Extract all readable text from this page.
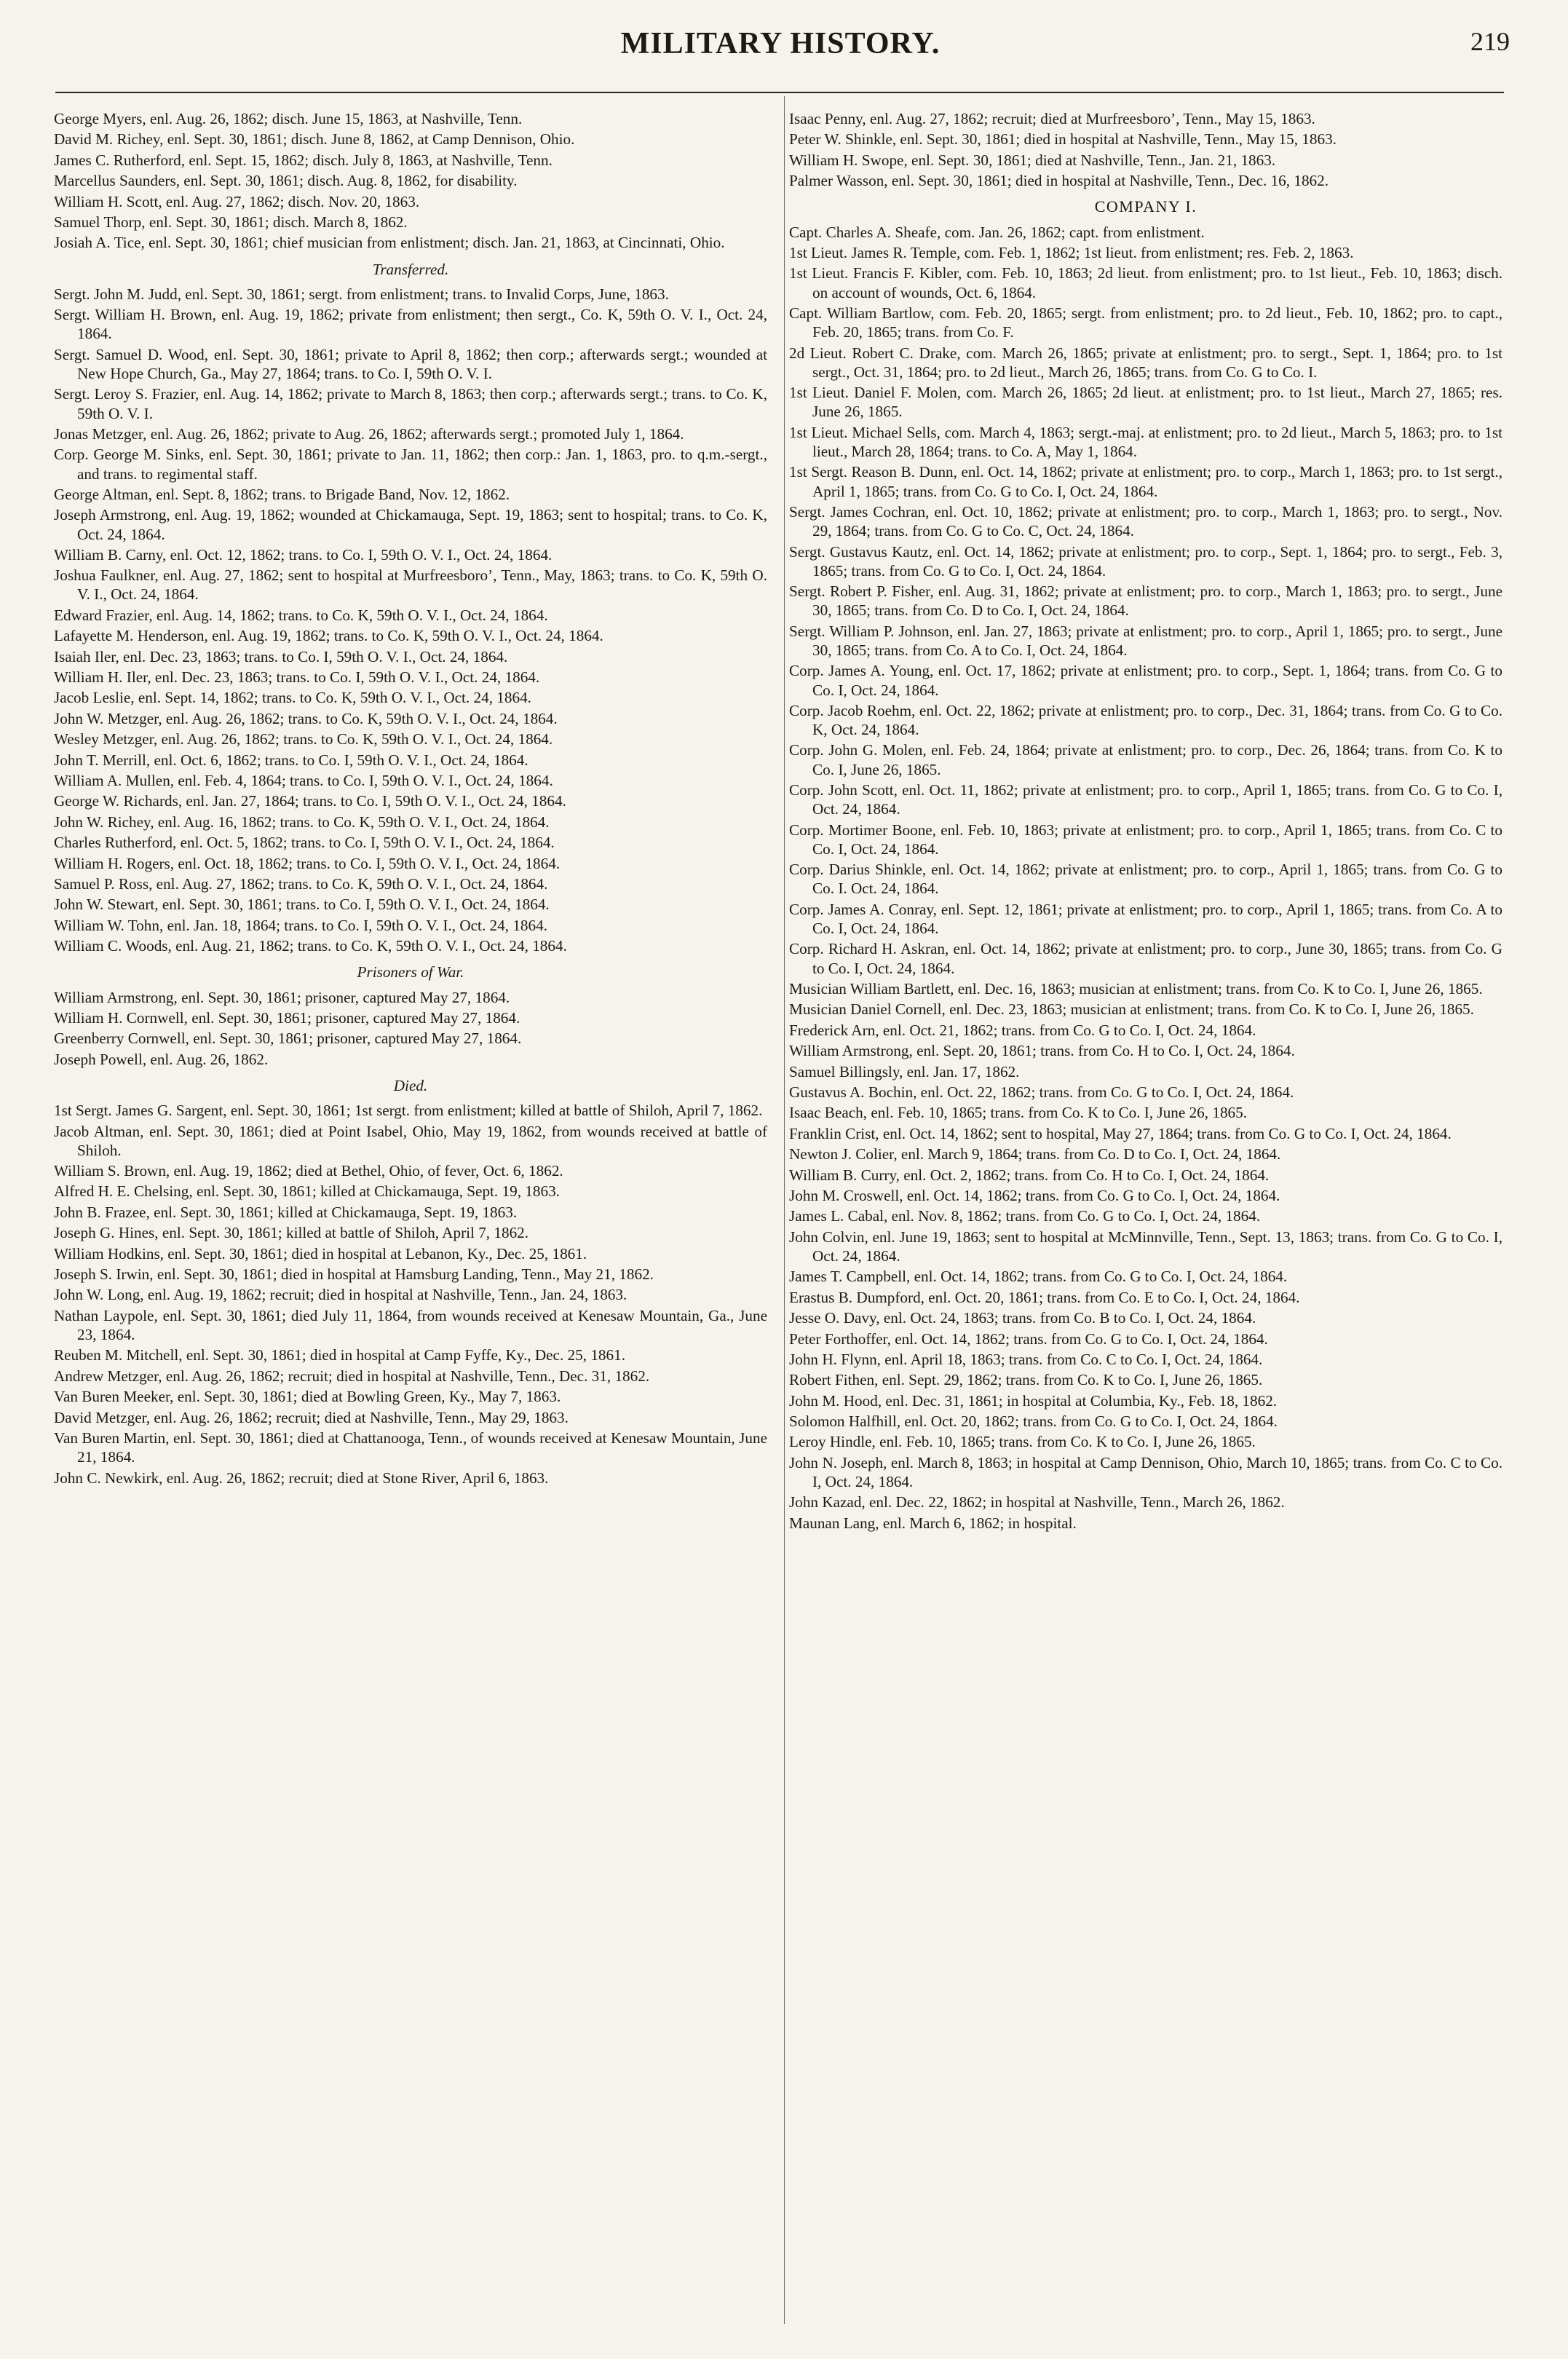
MILITARY HISTORY.	219

George Myers, enl. Aug. 26, 1862; disch. June 15, 1863, at Nashville, Tenn.

David M. Richey, enl. Sept. 30, 1861; disch. June 8, 1862, at Camp Dennison, Ohio.

James C. Rutherford, enl. Sept. 15, 1862; disch. July 8, 1863, at Nashville, Tenn.

Marcellus Saunders, enl. Sept. 30, 1861; disch. Aug. 8, 1862, for disability.

William H. Scott, enl. Aug. 27, 1862; disch. Nov. 20, 1863.

Samuel Thorp, enl. Sept. 30, 1861; disch. March 8, 1862.

Josiah A. Tice, enl. Sept. 30, 1861; chief musician from enlistment; disch. Jan. 21, 1863, at Cincinnati, Ohio.

Transferred.

Sergt. John M. Judd, enl. Sept. 30, 1861; sergt. from enlistment; trans. to Invalid Corps, June, 1863.

Sergt. William H. Brown, enl. Aug. 19, 1862; private from enlistment; then sergt., Co. K, 59th O. V. I., Oct. 24, 1864.

Sergt. Samuel D. Wood, enl. Sept. 30, 1861; private to April 8, 1862; then corp.; afterwards sergt.; wounded at New Hope Church, Ga., May 27, 1864; trans. to Co. I, 59th O. V. I.

Sergt. Leroy S. Frazier, enl. Aug. 14, 1862; private to March 8, 1863; then corp.; afterwards sergt.; trans. to Co. K, 59th O. V. I.

Jonas Metzger, enl. Aug. 26, 1862; private to Aug. 26, 1862; afterwards sergt.; promoted July 1, 1864.

Corp. George M. Sinks, enl. Sept. 30, 1861; private to Jan. 11, 1862; then corp.: Jan. 1, 1863, pro. to q.m.-sergt., and trans. to regimental staff.

George Altman, enl. Sept. 8, 1862; trans. to Brigade Band, Nov. 12, 1862.

Joseph Armstrong, enl. Aug. 19, 1862; wounded at Chickamauga, Sept. 19, 1863; sent to hospital; trans. to Co. K, Oct. 24, 1864.

William B. Carny, enl. Oct. 12, 1862; trans. to Co. I, 59th O. V. I., Oct. 24, 1864.

Joshua Faulkner, enl. Aug. 27, 1862; sent to hospital at Murfreesboro’, Tenn., May, 1863; trans. to Co. K, 59th O. V. I., Oct. 24, 1864.

Edward Frazier, enl. Aug. 14, 1862; trans. to Co. K, 59th O. V. I., Oct. 24, 1864.

Lafayette M. Henderson, enl. Aug. 19, 1862; trans. to Co. K, 59th O. V. I., Oct. 24, 1864.

Isaiah Iler, enl. Dec. 23, 1863; trans. to Co. I, 59th O. V. I., Oct. 24, 1864.

William H. Iler, enl. Dec. 23, 1863; trans. to Co. I, 59th O. V. I., Oct. 24, 1864.

Jacob Leslie, enl. Sept. 14, 1862; trans. to Co. K, 59th O. V. I., Oct. 24, 1864.

John W. Metzger, enl. Aug. 26, 1862; trans. to Co. K, 59th O. V. I., Oct. 24, 1864.

Wesley Metzger, enl. Aug. 26, 1862; trans. to Co. K, 59th O. V. I., Oct. 24, 1864.

John T. Merrill, enl. Oct. 6, 1862; trans. to Co. I, 59th O. V. I., Oct. 24, 1864.

William A. Mullen, enl. Feb. 4, 1864; trans. to Co. I, 59th O. V. I., Oct. 24, 1864.

George W. Richards, enl. Jan. 27, 1864; trans. to Co. I, 59th O. V. I., Oct. 24, 1864.

John W. Richey, enl. Aug. 16, 1862; trans. to Co. K, 59th O. V. I., Oct. 24, 1864.

Charles Rutherford, enl. Oct. 5, 1862; trans. to Co. I, 59th O. V. I., Oct. 24, 1864.

William H. Rogers, enl. Oct. 18, 1862; trans. to Co. I, 59th O. V. I., Oct. 24, 1864.

Samuel P. Ross, enl. Aug. 27, 1862; trans. to Co. K, 59th O. V. I., Oct. 24, 1864.

John W. Stewart, enl. Sept. 30, 1861; trans. to Co. I, 59th O. V. I., Oct. 24, 1864.

William W. Tohn, enl. Jan. 18, 1864; trans. to Co. I, 59th O. V. I., Oct. 24, 1864.

William C. Woods, enl. Aug. 21, 1862; trans. to Co. K, 59th O. V. I., Oct. 24, 1864.

Prisoners of War.

William Armstrong, enl. Sept. 30, 1861; prisoner, captured May 27, 1864.

William H. Cornwell, enl. Sept. 30, 1861; prisoner, captured May 27, 1864.

Greenberry Cornwell, enl. Sept. 30, 1861; prisoner, captured May 27, 1864.

Joseph Powell, enl. Aug. 26, 1862.

Died.

1st Sergt. James G. Sargent, enl. Sept. 30, 1861; 1st sergt. from enlistment; killed at battle of Shiloh, April 7, 1862.

Jacob Altman, enl. Sept. 30, 1861; died at Point Isabel, Ohio, May 19, 1862, from wounds received at battle of Shiloh.

William S. Brown, enl. Aug. 19, 1862; died at Bethel, Ohio, of fever, Oct. 6, 1862.

Alfred H. E. Chelsing, enl. Sept. 30, 1861; killed at Chickamauga, Sept. 19, 1863.

John B. Frazee, enl. Sept. 30, 1861; killed at Chickamauga, Sept. 19, 1863.

Joseph G. Hines, enl. Sept. 30, 1861; killed at battle of Shiloh, April 7, 1862.

William Hodkins, enl. Sept. 30, 1861; died in hospital at Lebanon, Ky., Dec. 25, 1861.

Joseph S. Irwin, enl. Sept. 30, 1861; died in hospital at Hamsburg Landing, Tenn., May 21, 1862.

John W. Long, enl. Aug. 19, 1862; recruit; died in hospital at Nashville, Tenn., Jan. 24, 1863.

Nathan Laypole, enl. Sept. 30, 1861; died July 11, 1864, from wounds received at Kenesaw Mountain, Ga., June 23, 1864.

Reuben M. Mitchell, enl. Sept. 30, 1861; died in hospital at Camp Fyffe, Ky., Dec. 25, 1861.

Andrew Metzger, enl. Aug. 26, 1862; recruit; died in hospital at Nashville, Tenn., Dec. 31, 1862.

Van Buren Meeker, enl. Sept. 30, 1861; died at Bowling Green, Ky., May 7, 1863.

David Metzger, enl. Aug. 26, 1862; recruit; died at Nashville, Tenn., May 29, 1863.

Van Buren Martin, enl. Sept. 30, 1861; died at Chattanooga, Tenn., of wounds received at Kenesaw Mountain, June 21, 1864.

John C. Newkirk, enl. Aug. 26, 1862; recruit; died at Stone River, April 6, 1863.

Isaac Penny, enl. Aug. 27, 1862; recruit; died at Murfreesboro’, Tenn., May 15, 1863.

Peter W. Shinkle, enl. Sept. 30, 1861; died in hospital at Nashville, Tenn., May 15, 1863.

William H. Swope, enl. Sept. 30, 1861; died at Nashville, Tenn., Jan. 21, 1863.

Palmer Wasson, enl. Sept. 30, 1861; died in hospital at Nashville, Tenn., Dec. 16, 1862.

COMPANY I.

Capt. Charles A. Sheafe, com. Jan. 26, 1862; capt. from enlistment.

1st Lieut. James R. Temple, com. Feb. 1, 1862; 1st lieut. from enlistment; res. Feb. 2, 1863.

1st Lieut. Francis F. Kibler, com. Feb. 10, 1863; 2d lieut. from enlistment; pro. to 1st lieut., Feb. 10, 1863; disch. on account of wounds, Oct. 6, 1864.

Capt. William Bartlow, com. Feb. 20, 1865; sergt. from enlistment; pro. to 2d lieut., Feb. 10, 1862; pro. to capt., Feb. 20, 1865; trans. from Co. F.

2d Lieut. Robert C. Drake, com. March 26, 1865; private at enlistment; pro. to sergt., Sept. 1, 1864; pro. to 1st sergt., Oct. 31, 1864; pro. to 2d lieut., March 26, 1865; trans. from Co. G to Co. I.

1st Lieut. Daniel F. Molen, com. March 26, 1865; 2d lieut. at enlistment; pro. to 1st lieut., March 27, 1865; res. June 26, 1865.

1st Lieut. Michael Sells, com. March 4, 1863; sergt.-maj. at enlistment; pro. to 2d lieut., March 5, 1863; pro. to 1st lieut., March 28, 1864; trans. to Co. A, May 1, 1864.

1st Sergt. Reason B. Dunn, enl. Oct. 14, 1862; private at enlistment; pro. to corp., March 1, 1863; pro. to 1st sergt., April 1, 1865; trans. from Co. G to Co. I, Oct. 24, 1864.

Sergt. James Cochran, enl. Oct. 10, 1862; private at enlistment; pro. to corp., March 1, 1863; pro. to sergt., Nov. 29, 1864; trans. from Co. G to Co. C, Oct. 24, 1864.

Sergt. Gustavus Kautz, enl. Oct. 14, 1862; private at enlistment; pro. to corp., Sept. 1, 1864; pro. to sergt., Feb. 3, 1865; trans. from Co. G to Co. I, Oct. 24, 1864.

Sergt. Robert P. Fisher, enl. Aug. 31, 1862; private at enlistment; pro. to corp., March 1, 1863; pro. to sergt., June 30, 1865; trans. from Co. D to Co. I, Oct. 24, 1864.

Sergt. William P. Johnson, enl. Jan. 27, 1863; private at enlistment; pro. to corp., April 1, 1865; pro. to sergt., June 30, 1865; trans. from Co. A to Co. I, Oct. 24, 1864.

Corp. James A. Young, enl. Oct. 17, 1862; private at enlistment; pro. to corp., Sept. 1, 1864; trans. from Co. G to Co. I, Oct. 24, 1864.

Corp. Jacob Roehm, enl. Oct. 22, 1862; private at enlistment; pro. to corp., Dec. 31, 1864; trans. from Co. G to Co. K, Oct. 24, 1864.

Corp. John G. Molen, enl. Feb. 24, 1864; private at enlistment; pro. to corp., Dec. 26, 1864; trans. from Co. K to Co. I, June 26, 1865.

Corp. John Scott, enl. Oct. 11, 1862; private at enlistment; pro. to corp., April 1, 1865; trans. from Co. G to Co. I, Oct. 24, 1864.

Corp. Mortimer Boone, enl. Feb. 10, 1863; private at enlistment; pro. to corp., April 1, 1865; trans. from Co. C to Co. I, Oct. 24, 1864.

Corp. Darius Shinkle, enl. Oct. 14, 1862; private at enlistment; pro. to corp., April 1, 1865; trans. from Co. G to Co. I. Oct. 24, 1864.

Corp. James A. Conray, enl. Sept. 12, 1861; private at enlistment; pro. to corp., April 1, 1865; trans. from Co. A to Co. I, Oct. 24, 1864.

Corp. Richard H. Askran, enl. Oct. 14, 1862; private at enlistment; pro. to corp., June 30, 1865; trans. from Co. G to Co. I, Oct. 24, 1864.

Musician William Bartlett, enl. Dec. 16, 1863; musician at enlistment; trans. from Co. K to Co. I, June 26, 1865.

Musician Daniel Cornell, enl. Dec. 23, 1863; musician at enlistment; trans. from Co. K to Co. I, June 26, 1865.

Frederick Arn, enl. Oct. 21, 1862; trans. from Co. G to Co. I, Oct. 24, 1864.

William Armstrong, enl. Sept. 20, 1861; trans. from Co. H to Co. I, Oct. 24, 1864.

Samuel Billingsly, enl. Jan. 17, 1862.

Gustavus A. Bochin, enl. Oct. 22, 1862; trans. from Co. G to Co. I, Oct. 24, 1864.

Isaac Beach, enl. Feb. 10, 1865; trans. from Co. K to Co. I, June 26, 1865.

Franklin Crist, enl. Oct. 14, 1862; sent to hospital, May 27, 1864; trans. from Co. G to Co. I, Oct. 24, 1864.

Newton J. Colier, enl. March 9, 1864; trans. from Co. D to Co. I, Oct. 24, 1864.

William B. Curry, enl. Oct. 2, 1862; trans. from Co. H to Co. I, Oct. 24, 1864.

John M. Croswell, enl. Oct. 14, 1862; trans. from Co. G to Co. I, Oct. 24, 1864.

James L. Cabal, enl. Nov. 8, 1862; trans. from Co. G to Co. I, Oct. 24, 1864.

John Colvin, enl. June 19, 1863; sent to hospital at McMinnville, Tenn., Sept. 13, 1863; trans. from Co. G to Co. I, Oct. 24, 1864.

James T. Campbell, enl. Oct. 14, 1862; trans. from Co. G to Co. I, Oct. 24, 1864.

Erastus B. Dumpford, enl. Oct. 20, 1861; trans. from Co. E to Co. I, Oct. 24, 1864.

Jesse O. Davy, enl. Oct. 24, 1863; trans. from Co. B to Co. I, Oct. 24, 1864.

Peter Forthoffer, enl. Oct. 14, 1862; trans. from Co. G to Co. I, Oct. 24, 1864.

John H. Flynn, enl. April 18, 1863; trans. from Co. C to Co. I, Oct. 24, 1864.

Robert Fithen, enl. Sept. 29, 1862; trans. from Co. K to Co. I, June 26, 1865.

John M. Hood, enl. Dec. 31, 1861; in hospital at Columbia, Ky., Feb. 18, 1862.

Solomon Halfhill, enl. Oct. 20, 1862; trans. from Co. G to Co. I, Oct. 24, 1864.

Leroy Hindle, enl. Feb. 10, 1865; trans. from Co. K to Co. I, June 26, 1865.

John N. Joseph, enl. March 8, 1863; in hospital at Camp Dennison, Ohio, March 10, 1865; trans. from Co. C to Co. I, Oct. 24, 1864.

John Kazad, enl. Dec. 22, 1862; in hospital at Nashville, Tenn., March 26, 1862.

Maunan Lang, enl. March 6, 1862; in hospital.
